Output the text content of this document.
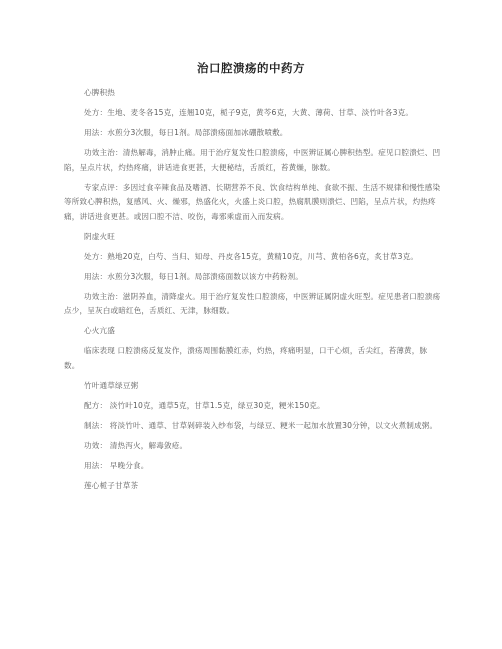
治口腔溃疡的中药方

心脾积热

处方：生地、麦冬各15克，连翘10克，栀子9克，黄芩6克，大黄、薄荷、甘草、淡竹叶各3克。

用法：水煎分3次服，每日1剂。局部溃疡面加冰硼散喷敷。

功效主治：清热解毒，消肿止痛。用于治疗复发性口腔溃疡，中医辨证属心脾积热型。症见口腔溃烂、凹陷，呈点片状，灼热疼痛，讲话进食更甚，大便秘结，舌质红，苔黄燥，脉数。

专家点评：多因过食辛辣食品及嗜酒、长期营养不良、饮食结构单纯、食欲不振、生活不规律和慢性感染等所致心脾积热，复感风、火、燥邪，热盛化火，火盛上炎口腔，热腐肌膜则溃烂、凹陷，呈点片状，灼热疼痛，讲话进食更甚。或因口腔不洁、咬伤，毒邪乘虚而入而发病。

阴虚火旺

处方：熟地20克，白芍、当归、知母、丹皮各15克，黄精10克，川芎、黄柏各6克，炙甘草3克。

用法：水煎分3次服，每日1剂。局部溃疡面数以该方中药粉剂。

功效主治：滋阴养血，清降虚火。用于治疗复发性口腔溃疡，中医辨证属阴虚火旺型。症见患者口腔溃疡点少，呈灰白或暗红色，舌质红、无津，脉细数。

心火亢盛

临床表现 口腔溃疡反复发作，溃疡周围黏膜红赤，灼热，疼痛明显，口干心烦，舌尖红，苔薄黄，脉数。

竹叶通草绿豆粥

配方： 淡竹叶10克，通草5克，甘草1.5克，绿豆30克，粳米150克。

制法： 将淡竹叶、通草、甘草剁碎装入纱布袋，与绿豆、粳米一起加水放置30分钟，以文火煮制成粥。

功效： 清热泻火，解毒敛疮。

用法： 早晚分食。

莲心栀子甘草茶
